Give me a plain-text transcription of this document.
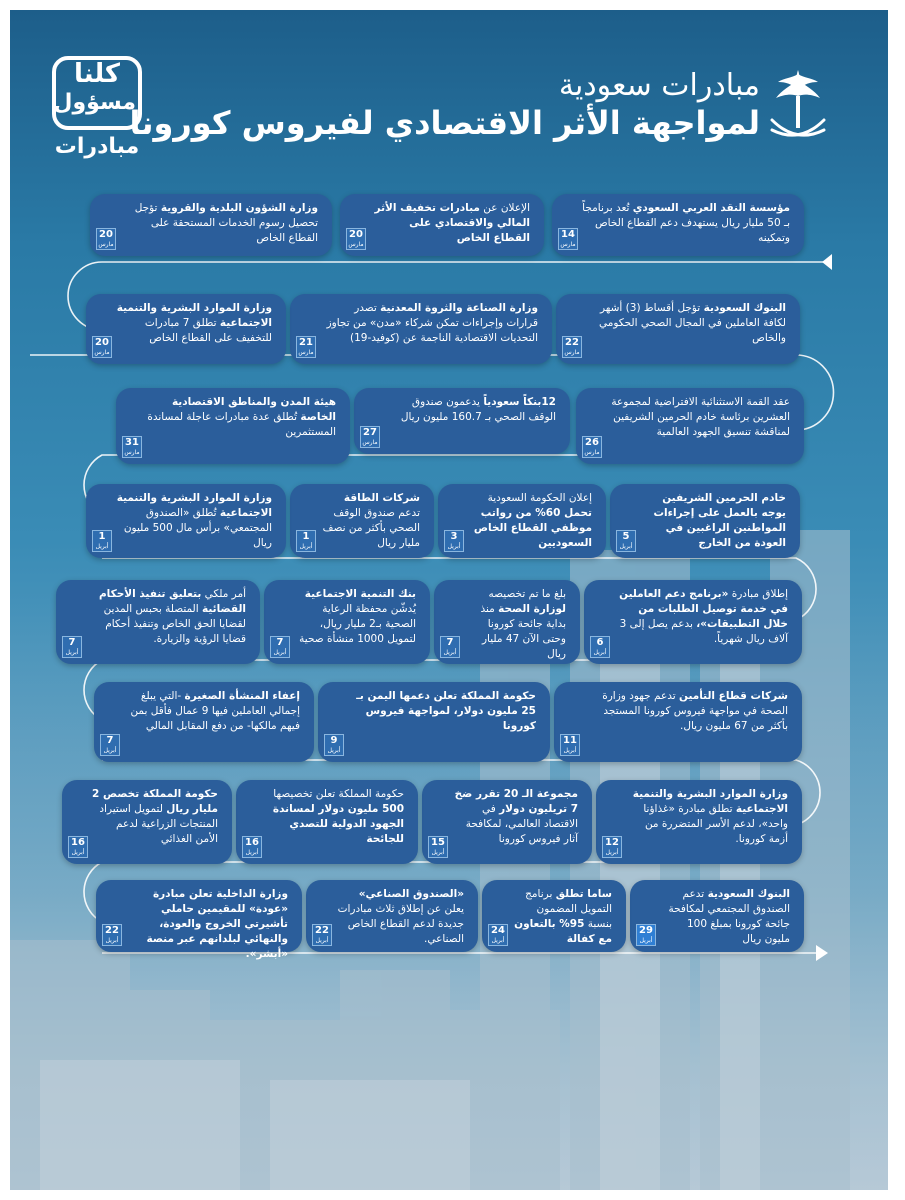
كلنا
مسؤول
مبادرات
مبادرات سعودية
لمواجهة الأثر الاقتصادي لفيروس كورونا
مؤسسة النقد العربي السعودي تُعد برنامجاً بـ 50 مليار ريال يستهدف دعم القطاع الخاص وتمكينه
14
مارس
الإعلان عن مبادرات تخفيف الأثر المالي والاقتصادي على القطاع الخاص
20
مارس
وزارة الشؤون البلدية والقروية تؤجل تحصيل رسوم الخدمات المستحقة على القطاع الخاص
20
مارس
البنوك السعودية تؤجل أقساط (3) أشهر لكافة العاملين في المجال الصحي الحكومي والخاص
22
مارس
وزارة الصناعة والثروة المعدنية تصدر قرارات وإجراءات تمكن شركاء «مدن» من تجاوز التحديات الاقتصادية الناجمة عن (كوفيد-19)
21
مارس
وزارة الموارد البشرية والتنمية الاجتماعية تطلق 7 مبادرات للتخفيف على القطاع الخاص
20
مارس
عقد القمة الاستثنائية الافتراضية لمجموعة العشرين برئاسة خادم الحرمين الشريفين لمناقشة تنسيق الجهود العالمية
26
مارس
12بنكاً سعودياً يدعمون صندوق الوقف الصحي بـ 160.7 مليون ريال
27
مارس
هيئة المدن والمناطق الاقتصادية الخاصة تُطلق عدة مبادرات عاجلة لمساندة المستثمرين
31
مارس
خادم الحرمين الشريفين يوجه بالعمل على إجراءات المواطنين الراغبين في العودة من الخارج
5
أبريل
إعلان الحكومة السعودية تحمل 60% من رواتب موظفي القطاع الخاص السعوديين
3
أبريل
شركات الطاقة تدعم صندوق الوقف الصحي بأكثر من نصف مليار ريال
1
أبريل
وزارة الموارد البشرية والتنمية الاجتماعية تُطلق «الصندوق المجتمعي» برأس مال 500 مليون ريال
1
أبريل
إطلاق مبادرة «برنامج دعم العاملين في خدمة توصيل الطلبات من خلال التطبيقات»، بدعم يصل إلى 3 آلاف ريال شهرياً.
6
أبريل
بلغ ما تم تخصيصه لوزارة الصحة منذ بداية جائحة كورونا وحتى الآن 47 مليار ريال
7
أبريل
بنك التنمية الاجتماعية يُدشّن محفظة الرعاية الصحية بـ2 مليار ريال، لتمويل 1000 منشأة صحية
7
أبريل
أمر ملكي بتعليق تنفيذ الأحكام القضائية المتصلة بحبس المدين لقضايا الحق الخاص وتنفيذ أحكام قضايا الرؤية والزيارة.
7
أبريل
شركات قطاع التأمين تدعم جهود وزارة الصحة في مواجهة فيروس كورونا المستجد بأكثر من 67 مليون ريال.
11
أبريل
حكومة المملكة تعلن دعمها اليمن بـ 25 مليون دولار، لمواجهة فيروس كورونا
9
أبريل
إعفاء المنشأة الصغيرة -التي يبلغ إجمالي العاملين فيها 9 عمال فأقل بمن فيهم مالكها- من دفع المقابل المالي
7
أبريل
وزارة الموارد البشرية والتنمية الاجتماعية تطلق مبادرة «غذاؤنا واحد»، لدعم الأسر المتضررة من أزمة كورونا.
12
أبريل
مجموعة الـ 20 تقرر ضخ 7 تريليون دولار في الاقتصاد العالمي، لمكافحة آثار فيروس كورونا
15
أبريل
حكومة المملكة تعلن تخصيصها 500 مليون دولار لمساندة الجهود الدولية للتصدي للجائحة
16
أبريل
حكومة المملكة تخصص 2 مليار ريال لتمويل استيراد المنتجات الزراعية لدعم الأمن الغذائي
16
أبريل
البنوك السعودية تدعم الصندوق المجتمعي لمكافحة جائحة كورونا بمبلغ 100 مليون ريال
29
أبريل
ساما تطلق برنامج التمويل المضمون بنسبة 95% بالتعاون مع كفالة
24
أبريل
«الصندوق الصناعي» يعلن عن إطلاق ثلاث مبادرات جديدة لدعم القطاع الخاص الصناعي.
22
أبريل
وزارة الداخلية تعلن مبادرة «عودة» للمقيمين حاملي تأشيرتي الخروج والعودة، والنهائي لبلدانهم عبر منصة «أبشر».
22
أبريل
